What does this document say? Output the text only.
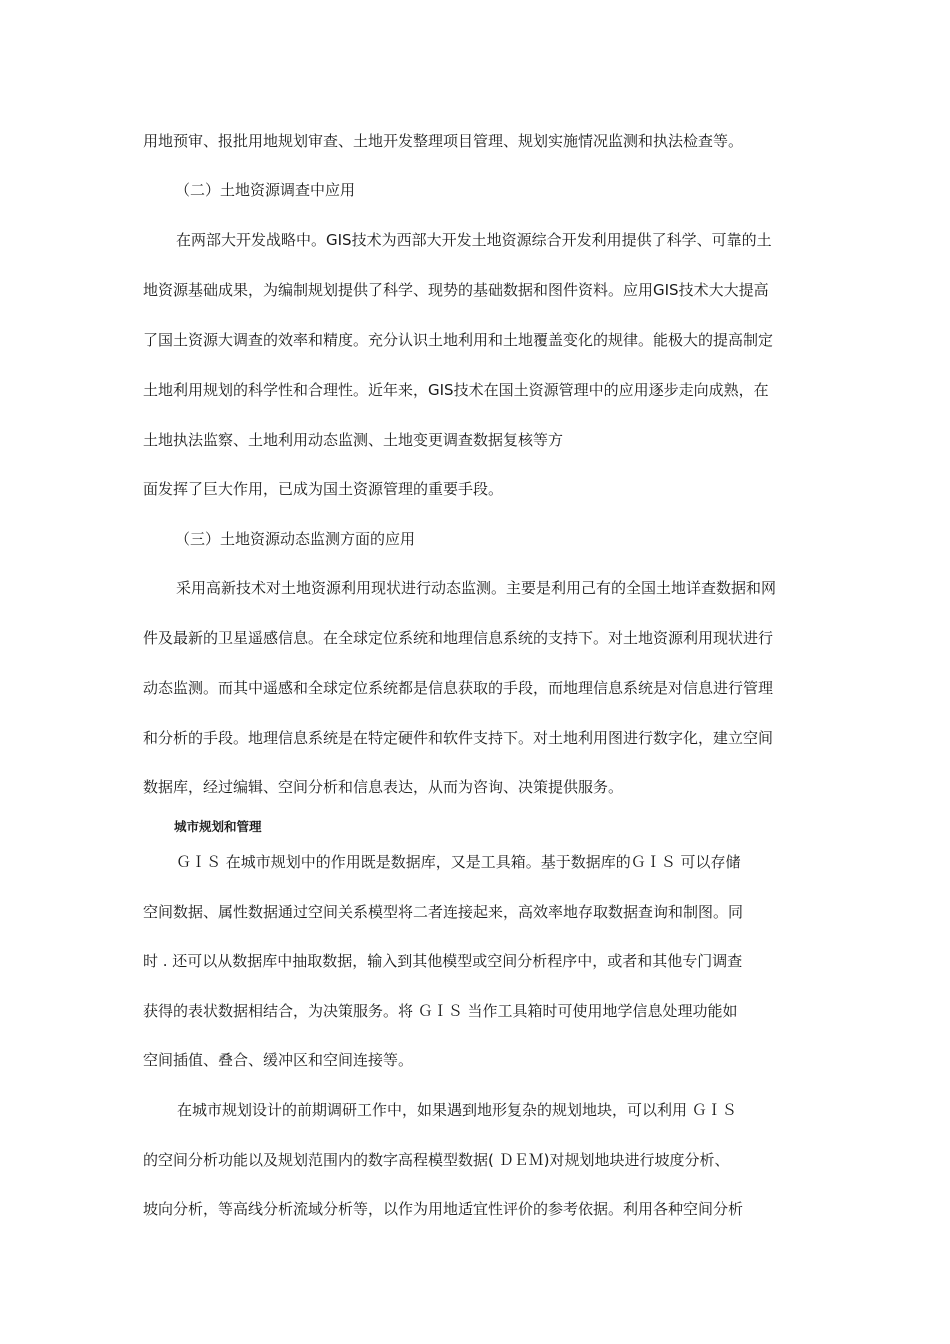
用地预审、报批用地规划审查、土地开发整理项目管理、规划实施情况监测和执法检查等。
（二）土地资源调查中应用
在两部大开发战略中。GIS技术为西部大开发土地资源综合开发利用提供了科学、可靠的土
地资源基础成果，为编制规划提供了科学、现势的基础数据和图件资料。应用GIS技术大大提高
了国土资源大调查的效率和精度。充分认识土地利用和土地覆盖变化的规律。能极大的提高制定
土地利用规划的科学性和合理性。近年来，GIS技术在国土资源管理中的应用逐步走向成熟，在
土地执法监察、土地利用动态监测、土地变更调查数据复核等方
面发挥了巨大作用，已成为国土资源管理的重要手段。
（三）土地资源动态监测方面的应用
采用高新技术对土地资源利用现状进行动态监测。主要是利用己有的全国土地详查数据和网
件及最新的卫星遥感信息。在全球定位系统和地理信息系统的支持下。对土地资源利用现状进行
动态监测。而其中遥感和全球定位系统都是信息获取的手段，而地理信息系统是对信息进行管理
和分析的手段。地理信息系统是在特定硬件和软件支持下。对土地利用图进行数字化，建立空间
数据库，经过编辑、空间分析和信息表达，从而为咨询、决策提供服务。
城市规划和管理
ＧＩＳ 在城市规划中的作用既是数据库，又是工具箱。基于数据库的ＧＩＳ 可以存储
空间数据、属性数据通过空间关系模型将二者连接起来，高效率地存取数据查询和制图。同
时 . 还可以从数据库中抽取数据，输入到其他模型或空间分析程序中，或者和其他专门调查
获得的表状数据相结合，为决策服务。将 ＧＩＳ 当作工具箱时可使用地学信息处理功能如
空间插值、叠合、缓冲区和空间连接等。
在城市规划设计的前期调研工作中，如果遇到地形复杂的规划地块，可以利用 ＧＩＳ
的空间分析功能以及规划范围内的数字高程模型数据( ＤＥＭ)对规划地块进行坡度分析、
坡向分析，等高线分析流域分析等，以作为用地适宜性评价的参考依据。利用各种空间分析
